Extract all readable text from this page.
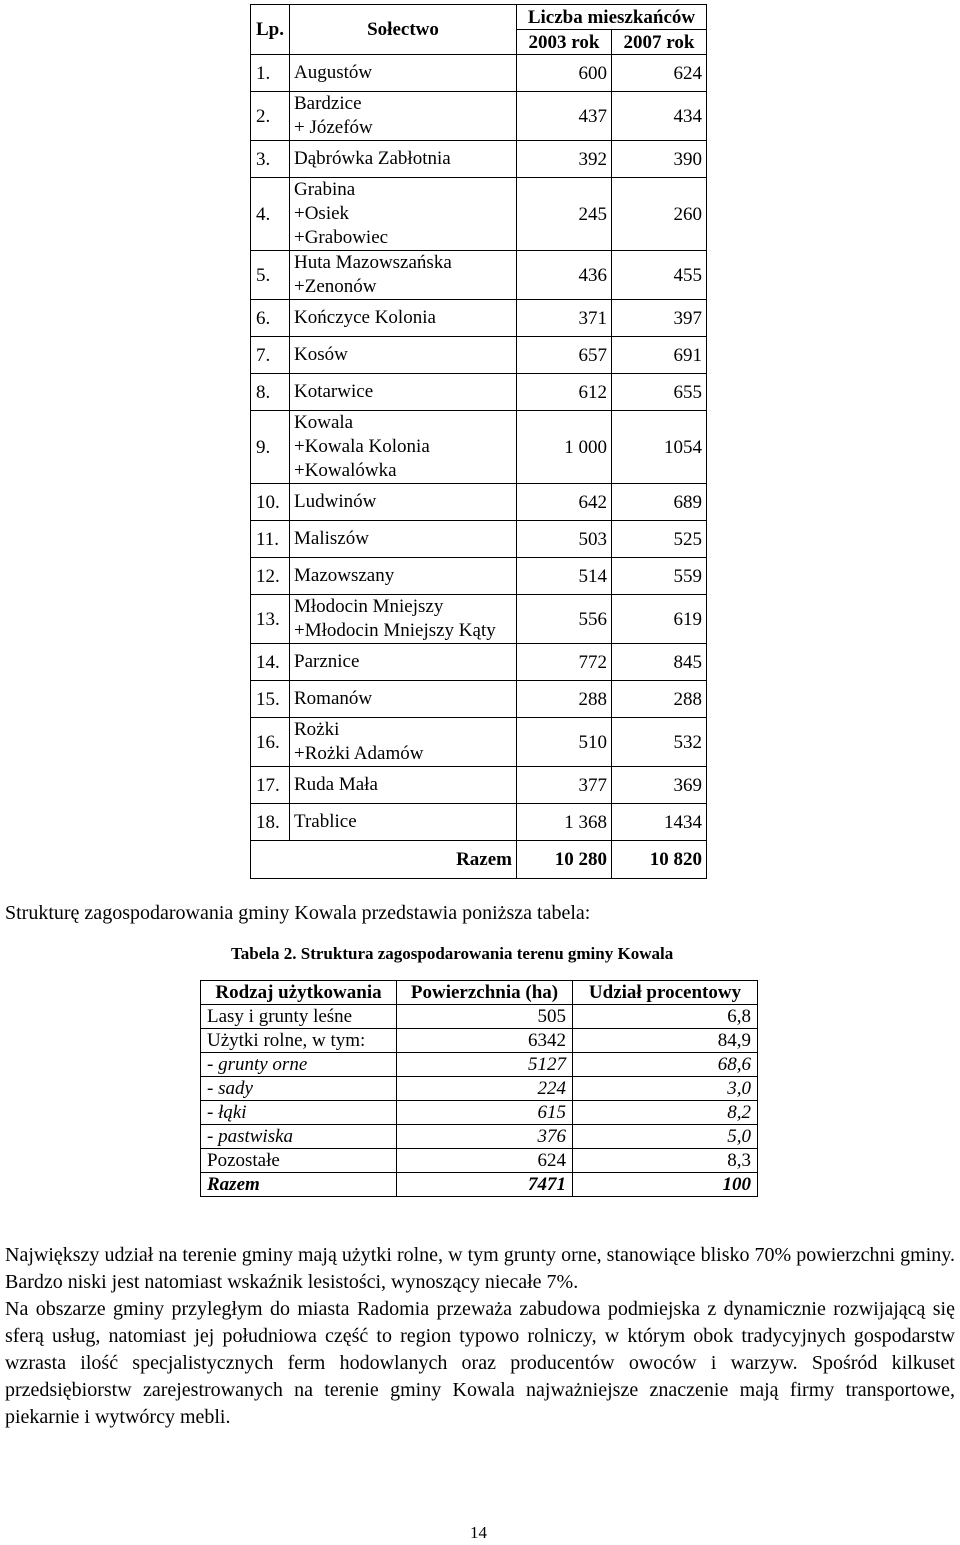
Lp.	Sołectwo	Liczba mieszkańców	
		2003 rok	2007 rok
1.	Augustów	600	624
2.	Bardzice
+ Józefów	437	434
3.	Dąbrówka Zabłotnia	392	390
4.	Grabina
+Osiek
+Grabowiec	245	260
5.	Huta Mazowszańska
+Zenonów	436	455
6.	Kończyce Kolonia	371	397
7.	Kosów	657	691
8.	Kotarwice	612	655
9.	Kowala
+Kowala Kolonia
+Kowalówka	1 000	1054
10.	Ludwinów	642	689
11.	Maliszów	503	525
12.	Mazowszany	514	559
13.	Młodocin Mniejszy
+Młodocin Mniejszy Kąty	556	619
14.	Parznice	772	845
15.	Romanów	288	288
16.	Rożki
+Rożki Adamów	510	532
17.	Ruda Mała	377	369
18.	Trablice	1 368	1434
Razem		10 280	10 820
Strukturę zagospodarowania gminy Kowala przedstawia poniższa tabela:
Tabela 2. Struktura zagospodarowania terenu gminy Kowala
Rodzaj użytkowania	Powierzchnia (ha)	Udział procentowy
Lasy i grunty leśne	505	6,8
Użytki rolne, w tym:	6342	84,9
- grunty orne	5127	68,6
- sady	224	3,0
- łąki	615	8,2
- pastwiska	376	5,0
Pozostałe	624	8,3
Razem	7471	100

Największy udział na terenie gminy mają użytki rolne, w tym grunty orne, stanowiące blisko 70% powierzchni gminy. Bardzo niski jest natomiast wskaźnik lesistości, wynoszący niecałe 7%.

Na obszarze gminy przyległym do miasta Radomia przeważa zabudowa podmiejska z dynamicznie rozwijającą się sferą usług, natomiast jej południowa część to region typowo rolniczy, w którym obok tradycyjnych gospodarstw wzrasta ilość specjalistycznych ferm hodowlanych oraz producentów owoców i warzyw. Spośród kilkuset przedsiębiorstw zarejestrowanych na terenie gminy Kowala najważniejsze znaczenie mają firmy transportowe, piekarnie i wytwórcy mebli.

14
